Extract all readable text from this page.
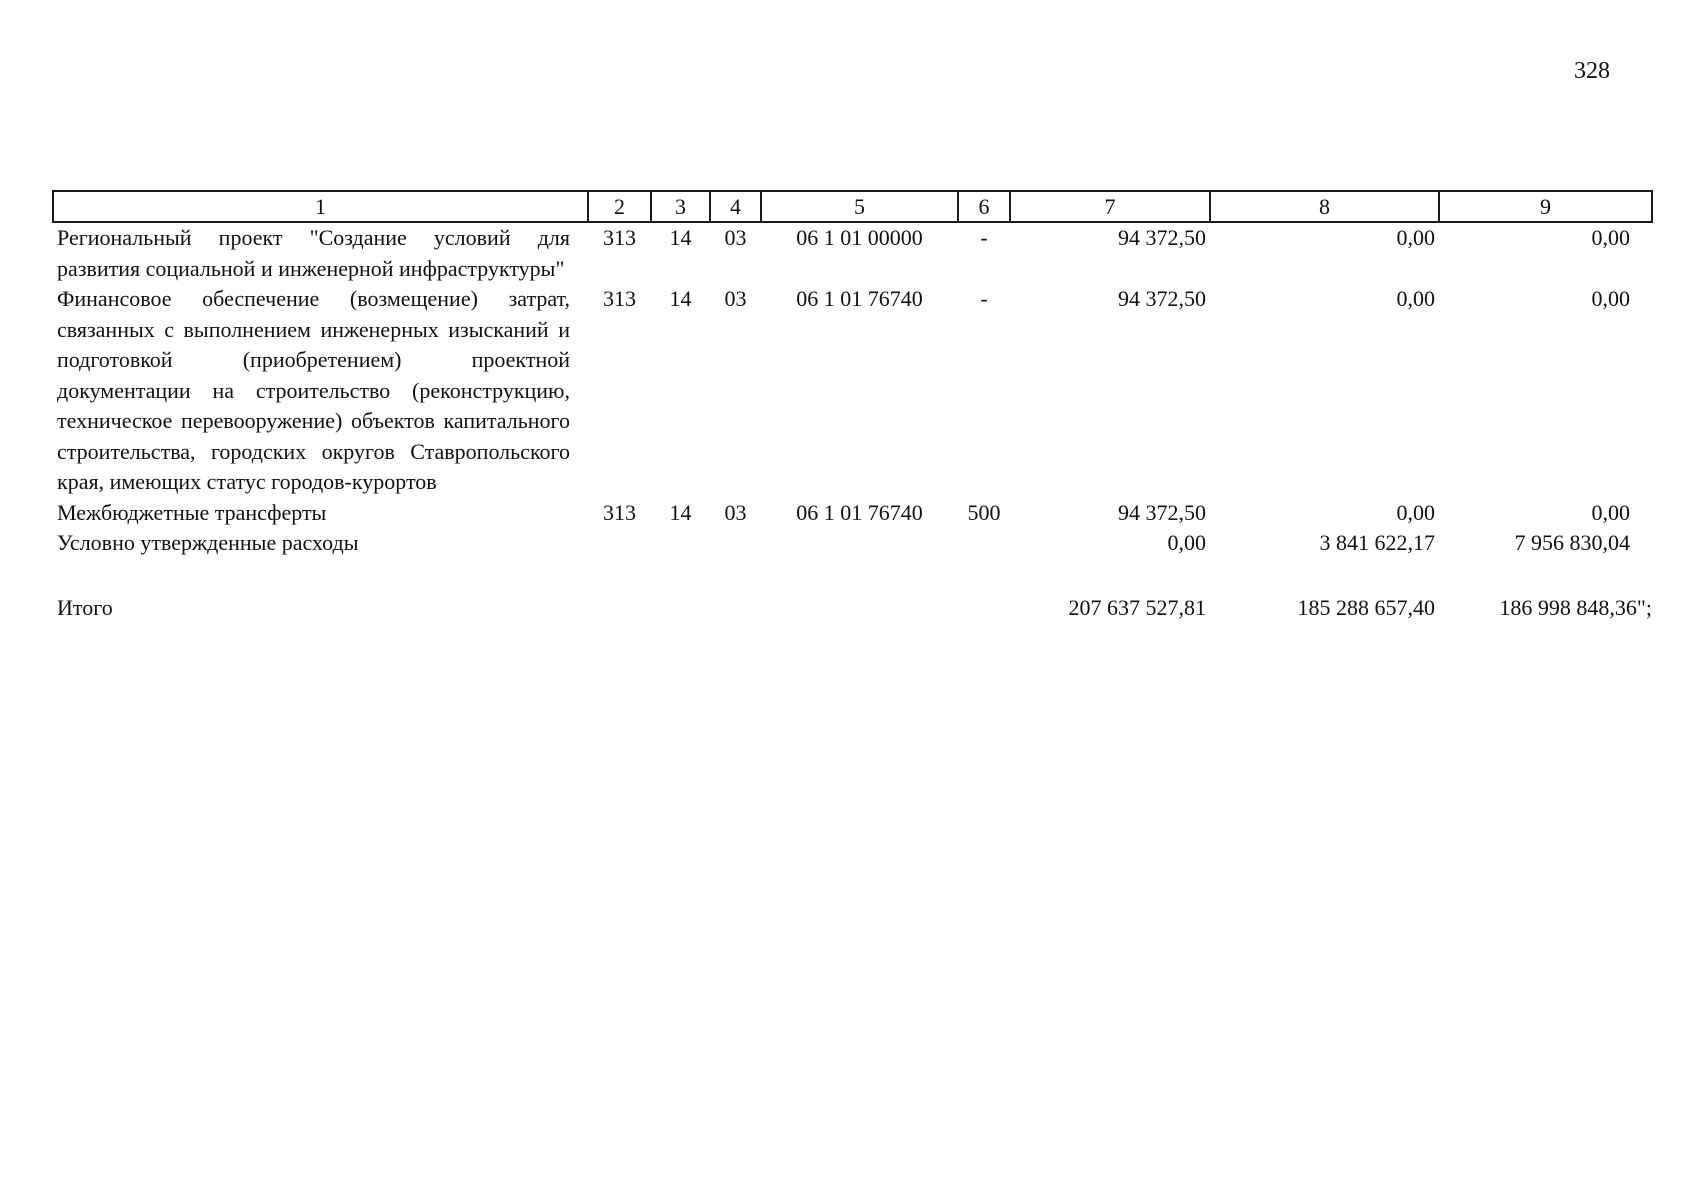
328
1	2	3	4	5	6	7	8	9
Региональный проект "Создание условий для развития социальной и инженерной инфраструктуры"	313	14	03	06 1 01 00000	-	94 372,50	0,00	0,00
Финансовое обеспечение (возмещение) затрат, связанных с выполнением инженерных изысканий и подготовкой (приобретением) проектной документации на строительство (реконструкцию, техническое перевооружение) объектов капитального строительства, городских округов Ставропольского края, имеющих статус городов-курортов	313	14	03	06 1 01 76740	-	94 372,50	0,00	0,00
Межбюджетные трансферты	313	14	03	06 1 01 76740	500	94 372,50	0,00	0,00
Условно утвержденные расходы						0,00	3 841 622,17	7 956 830,04

Итого						207 637 527,81	185 288 657,40	186 998 848,36";
